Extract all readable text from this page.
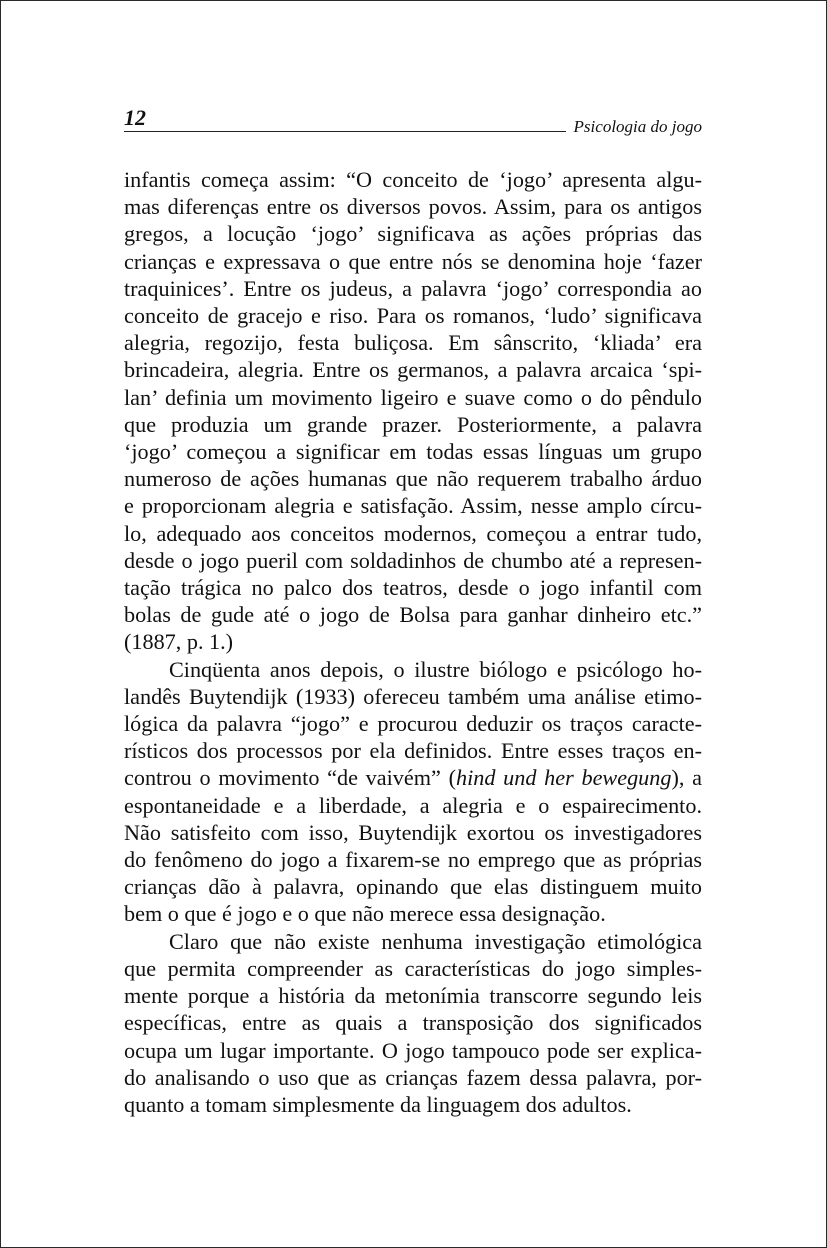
12	Psicologia do jogo

infantis começa assim: “O conceito de ‘jogo’ apresenta algu-

mas diferenças entre os diversos povos. Assim, para os antigos

gregos, a locução ‘jogo’ significava as ações próprias das

crianças e expressava o que entre nós se denomina hoje ‘fazer

traquinices’. Entre os judeus, a palavra ‘jogo’ correspondia ao

conceito de gracejo e riso. Para os romanos, ‘ludo’ significava

alegria, regozijo, festa buliçosa. Em sânscrito, ‘kliada’ era

brincadeira, alegria. Entre os germanos, a palavra arcaica ‘spi-

lan’ definia um movimento ligeiro e suave como o do pêndulo

que produzia um grande prazer. Posteriormente, a palavra

‘jogo’ começou a significar em todas essas línguas um grupo

numeroso de ações humanas que não requerem trabalho árduo

e proporcionam alegria e satisfação. Assim, nesse amplo círcu-

lo, adequado aos conceitos modernos, começou a entrar tudo,

desde o jogo pueril com soldadinhos de chumbo até a represen-

tação trágica no palco dos teatros, desde o jogo infantil com

bolas de gude até o jogo de Bolsa para ganhar dinheiro etc.”

(1887, p. 1.)

Cinqüenta anos depois, o ilustre biólogo e psicólogo ho-

landês Buytendijk (1933) ofereceu também uma análise etimo-

lógica da palavra “jogo” e procurou deduzir os traços caracte-

rísticos dos processos por ela definidos. Entre esses traços en-

controu o movimento “de vaivém” (hind und her bewegung), a

espontaneidade e a liberdade, a alegria e o espairecimento.

Não satisfeito com isso, Buytendijk exortou os investigadores

do fenômeno do jogo a fixarem-se no emprego que as próprias

crianças dão à palavra, opinando que elas distinguem muito

bem o que é jogo e o que não merece essa designação.

Claro que não existe nenhuma investigação etimológica

que permita compreender as características do jogo simples-

mente porque a história da metonímia transcorre segundo leis

específicas, entre as quais a transposição dos significados

ocupa um lugar importante. O jogo tampouco pode ser explica-

do analisando o uso que as crianças fazem dessa palavra, por-

quanto a tomam simplesmente da linguagem dos adultos.
